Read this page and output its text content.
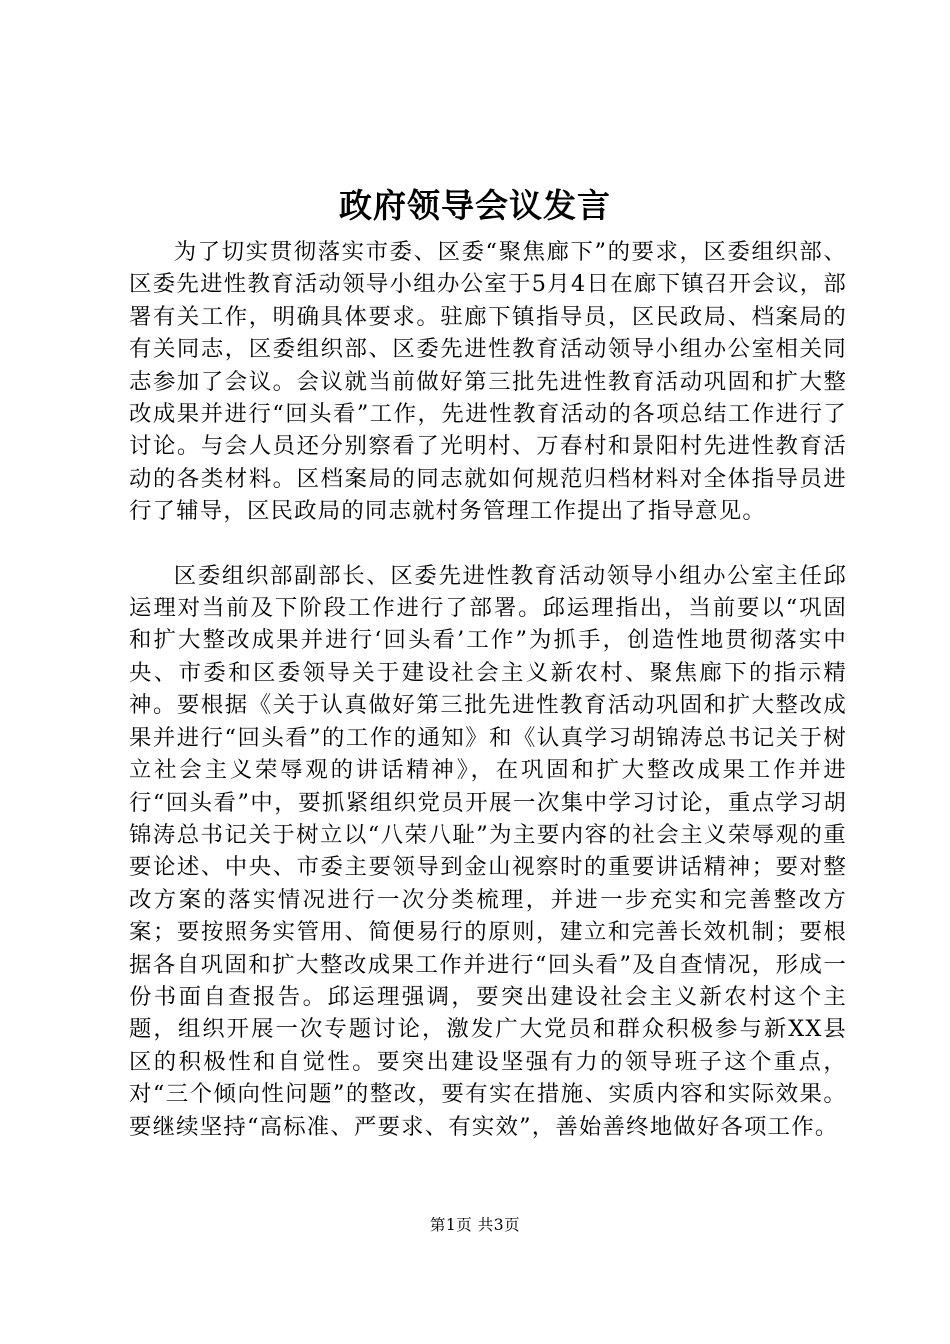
政府领导会议发言

为了切实贯彻落实市委、区委“聚焦廊下”的要求，区委组织部、区委先进性教育活动领导小组办公室于5月4日在廊下镇召开会议，部署有关工作，明确具体要求。驻廊下镇指导员，区民政局、档案局的有关同志，区委组织部、区委先进性教育活动领导小组办公室相关同志参加了会议。会议就当前做好第三批先进性教育活动巩固和扩大整改成果并进行“回头看”工作，先进性教育活动的各项总结工作进行了讨论。与会人员还分别察看了光明村、万春村和景阳村先进性教育活动的各类材料。区档案局的同志就如何规范归档材料对全体指导员进行了辅导，区民政局的同志就村务管理工作提出了指导意见。

区委组织部副部长、区委先进性教育活动领导小组办公室主任邱运理对当前及下阶段工作进行了部署。邱运理指出，当前要以“巩固和扩大整改成果并进行‘回头看’工作”为抓手，创造性地贯彻落实中央、市委和区委领导关于建设社会主义新农村、聚焦廊下的指示精神。要根据《关于认真做好第三批先进性教育活动巩固和扩大整改成果并进行“回头看”的工作的通知》和《认真学习胡锦涛总书记关于树立社会主义荣辱观的讲话精神》，在巩固和扩大整改成果工作并进行“回头看”中，要抓紧组织党员开展一次集中学习讨论，重点学习胡锦涛总书记关于树立以“八荣八耻”为主要内容的社会主义荣辱观的重要论述、中央、市委主要领导到金山视察时的重要讲话精神；要对整改方案的落实情况进行一次分类梳理，并进一步充实和完善整改方案；要按照务实管用、简便易行的原则，建立和完善长效机制；要根据各自巩固和扩大整改成果工作并进行“回头看”及自查情况，形成一份书面自查报告。邱运理强调，要突出建设社会主义新农村这个主题，组织开展一次专题讨论，激发广大党员和群众积极参与新XX县区的积极性和自觉性。要突出建设坚强有力的领导班子这个重点，对“三个倾向性问题”的整改，要有实在措施、实质内容和实际效果。要继续坚持“高标准、严要求、有实效”，善始善终地做好各项工作。

第1页 共3页
